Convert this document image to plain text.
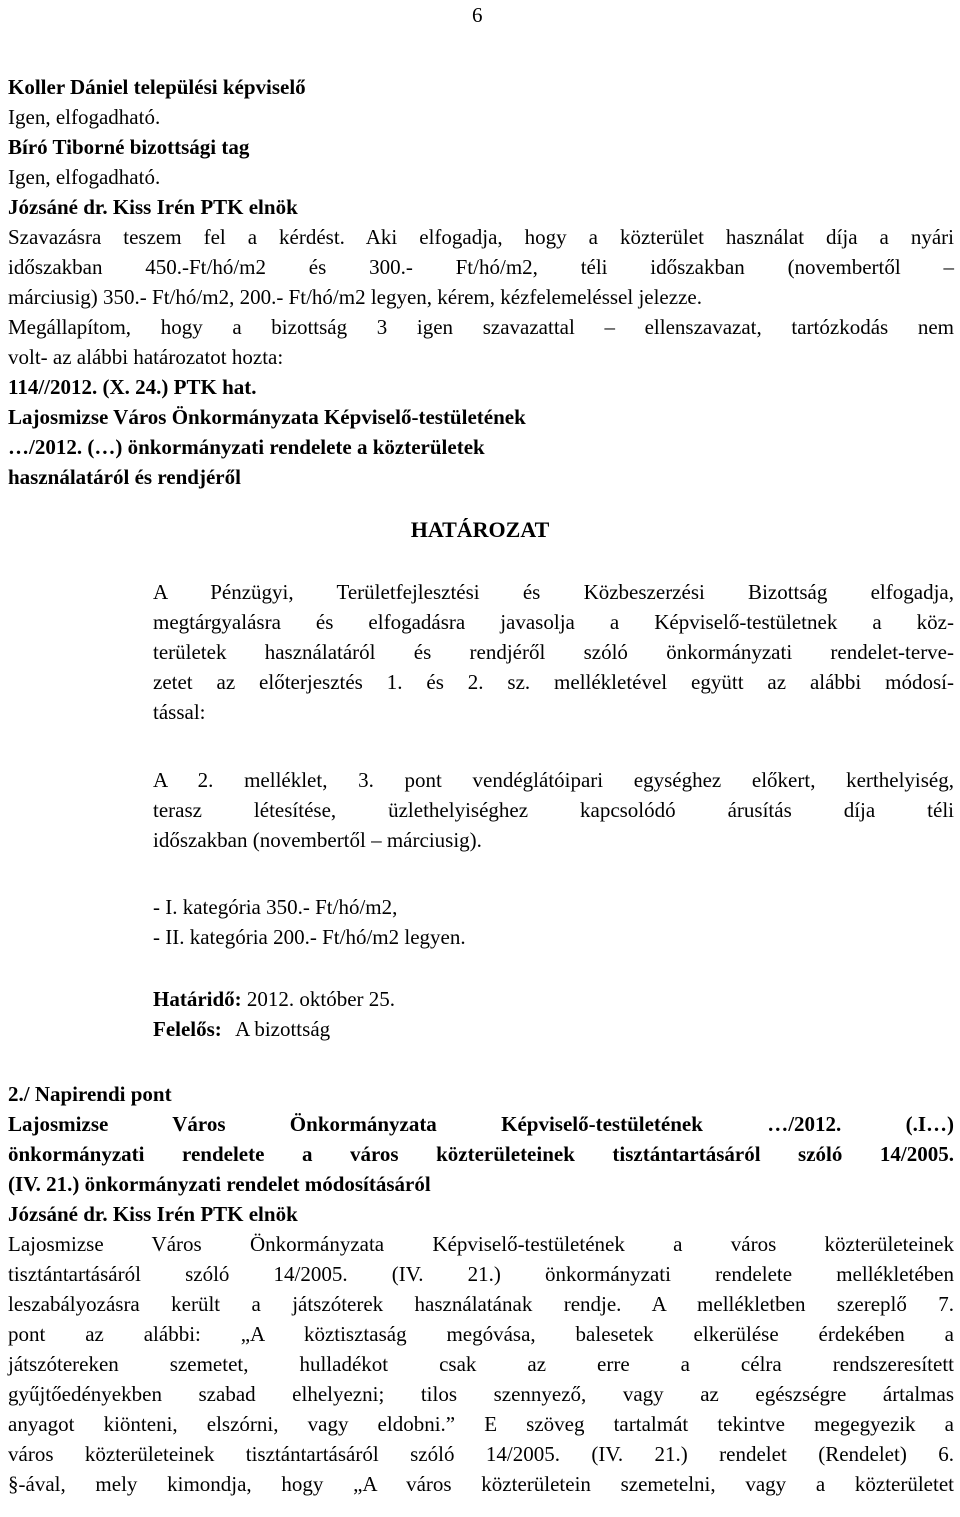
6

Koller Dániel települési képviselő

Igen, elfogadható.

Bíró Tiborné bizottsági tag

Igen, elfogadható.

Józsáné dr. Kiss Irén PTK elnök

Szavazásra teszem fel a kérdést. Aki elfogadja, hogy a közterület használat díja a nyári

időszakban 450.-Ft/hó/m2 és 300.- Ft/hó/m2, téli időszakban (novembertől –

márciusig) 350.- Ft/hó/m2, 200.- Ft/hó/m2 legyen, kérem, kézfelemeléssel jelezze.

Megállapítom, hogy a bizottság 3 igen szavazattal – ellenszavazat, tartózkodás nem

volt- az alábbi határozatot hozta:

114//2012. (X. 24.) PTK hat.

Lajosmizse Város Önkormányzata Képviselő-testületének

…/2012. (…) önkormányzati rendelete a közterületek

használatáról és rendjéről

HATÁROZAT

A Pénzügyi, Területfejlesztési és Közbeszerzési Bizottság elfogadja,

megtárgyalásra és elfogadásra javasolja a Képviselő-testületnek a köz-

területek használatáról és rendjéről szóló önkormányzati rendelet-terve-

zetet az előterjesztés 1. és 2. sz. mellékletével együtt az alábbi módosí-

tással:

A 2. melléklet, 3. pont vendéglátóipari egységhez előkert, kerthelyiség,

terasz létesítése, üzlethelyiséghez kapcsolódó árusítás díja téli

időszakban (novembertől – márciusig).

- I. kategória 350.- Ft/hó/m2,

- II. kategória 200.- Ft/hó/m2 legyen.

Határidő: 2012. október 25.

Felelős: A bizottság

2./ Napirendi pont

Lajosmizse Város Önkormányzata Képviselő-testületének …/2012. (.I…)

önkormányzati rendelete a város közterületeinek tisztántartásáról szóló 14/2005.

(IV. 21.) önkormányzati rendelet módosításáról

Józsáné dr. Kiss Irén PTK elnök

Lajosmizse Város Önkormányzata Képviselő-testületének a város közterületeinek

tisztántartásáról szóló 14/2005. (IV. 21.) önkormányzati rendelete mellékletében

leszabályozásra került a játszóterek használatának rendje. A mellékletben szereplő 7.

pont az alábbi: „A köztisztaság megóvása, balesetek elkerülése érdekében a

játszótereken szemetet, hulladékot csak az erre a célra rendszeresített

gyűjtőedényekben szabad elhelyezni; tilos szennyező, vagy az egészségre ártalmas

anyagot kiönteni, elszórni, vagy eldobni.” E szöveg tartalmát tekintve megegyezik a

város közterületeinek tisztántartásáról szóló 14/2005. (IV. 21.) rendelet (Rendelet) 6.

§-ával, mely kimondja, hogy „A város közterületein szemetelni, vagy a közterületet
